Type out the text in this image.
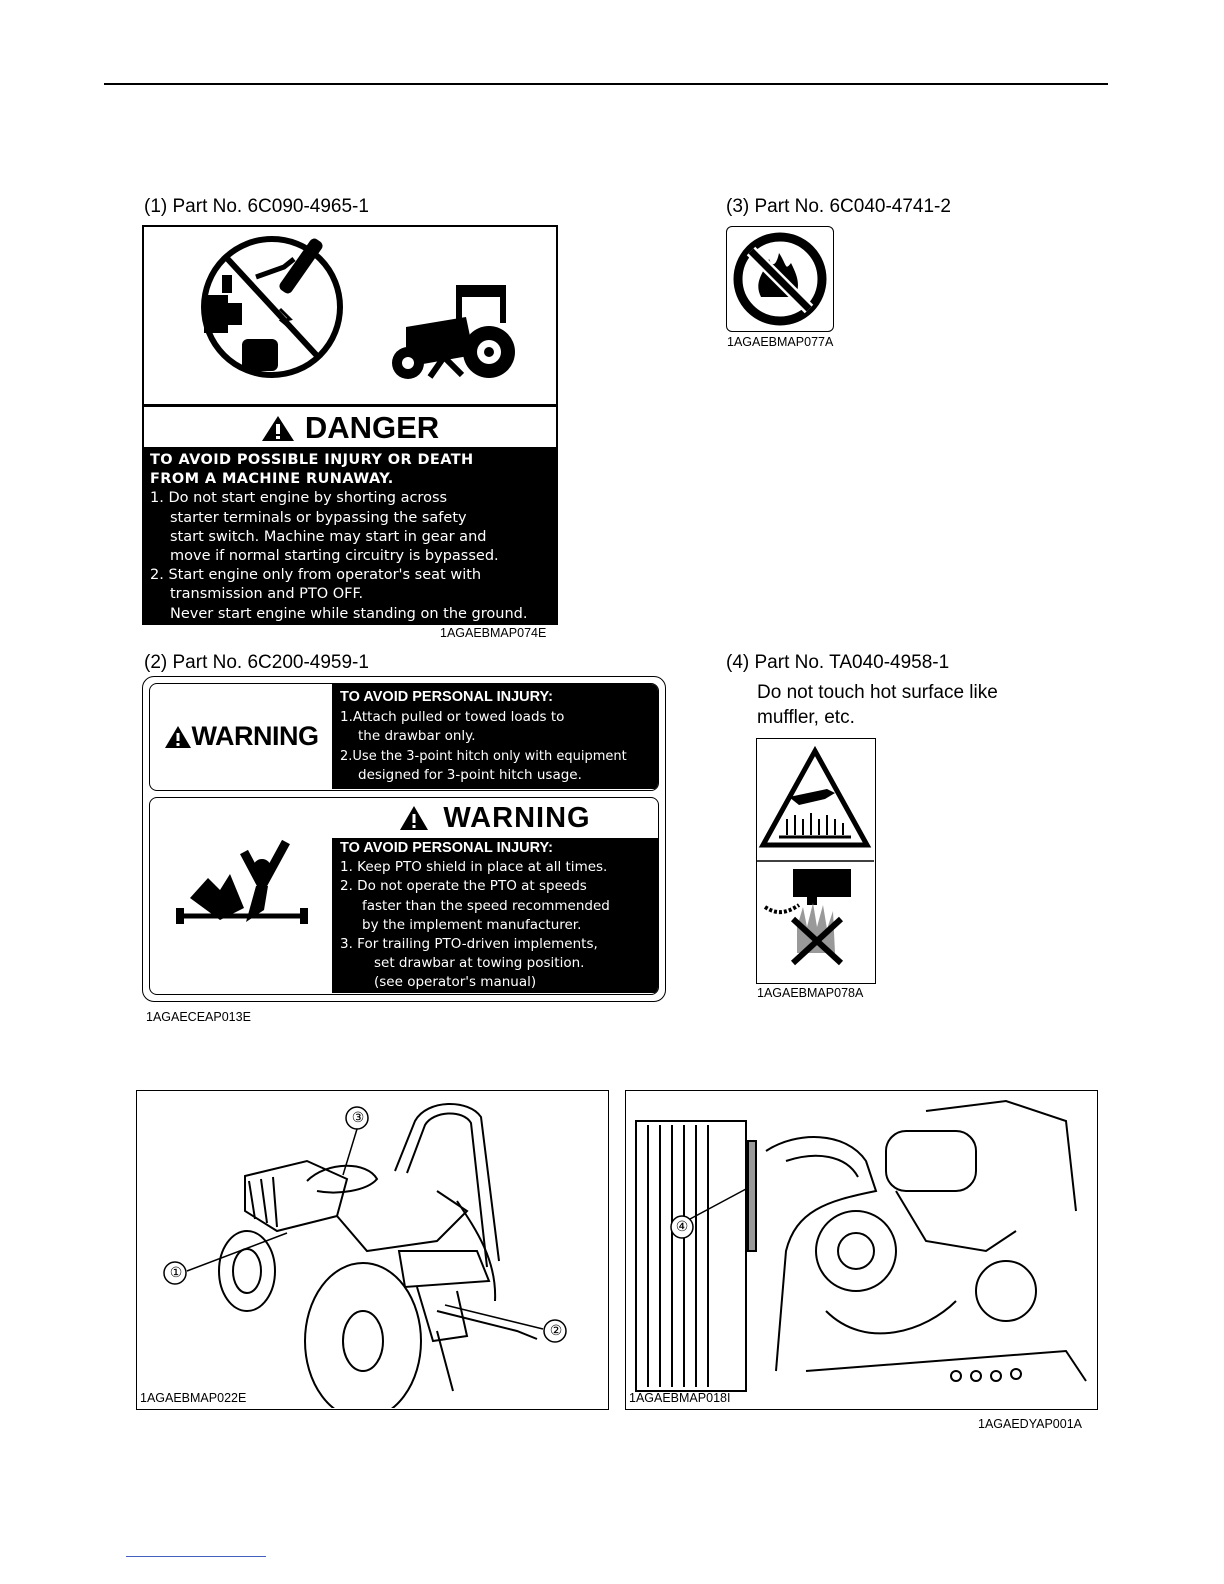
(1) Part No. 6C090-4965-1
DANGER
TO AVOID POSSIBLE INJURY OR DEATH
FROM A MACHINE RUNAWAY.
1. Do not start engine by shorting across
starter terminals or bypassing the safety
start switch. Machine may start in gear and
move if normal starting circuitry is bypassed.
2. Start engine only from operator's seat with
transmission and PTO OFF.
Never start engine while standing on the ground.
1AGAEBMAP074E
(2) Part No. 6C200-4959-1
WARNING
TO AVOID PERSONAL INJURY:
1.Attach pulled or towed loads to
the drawbar only.
2.Use the 3-point hitch only with equipment
designed for 3-point hitch usage.
WARNING
TO AVOID PERSONAL INJURY:
1. Keep PTO shield in place at all times.
2. Do not operate the PTO at speeds
faster than the speed recommended
by the implement manufacturer.
3. For trailing PTO-driven implements,
set drawbar at towing position.
(see operator's manual)
1AGAECEAP013E
(3) Part No. 6C040-4741-2
1AGAEBMAP077A
(4) Part No. TA040-4958-1
Do not touch hot surface like
muffler, etc.
1AGAEBMAP078A
③
①
②
1AGAEBMAP022E
④
1AGAEBMAP018I
1AGAEDYAP001A
